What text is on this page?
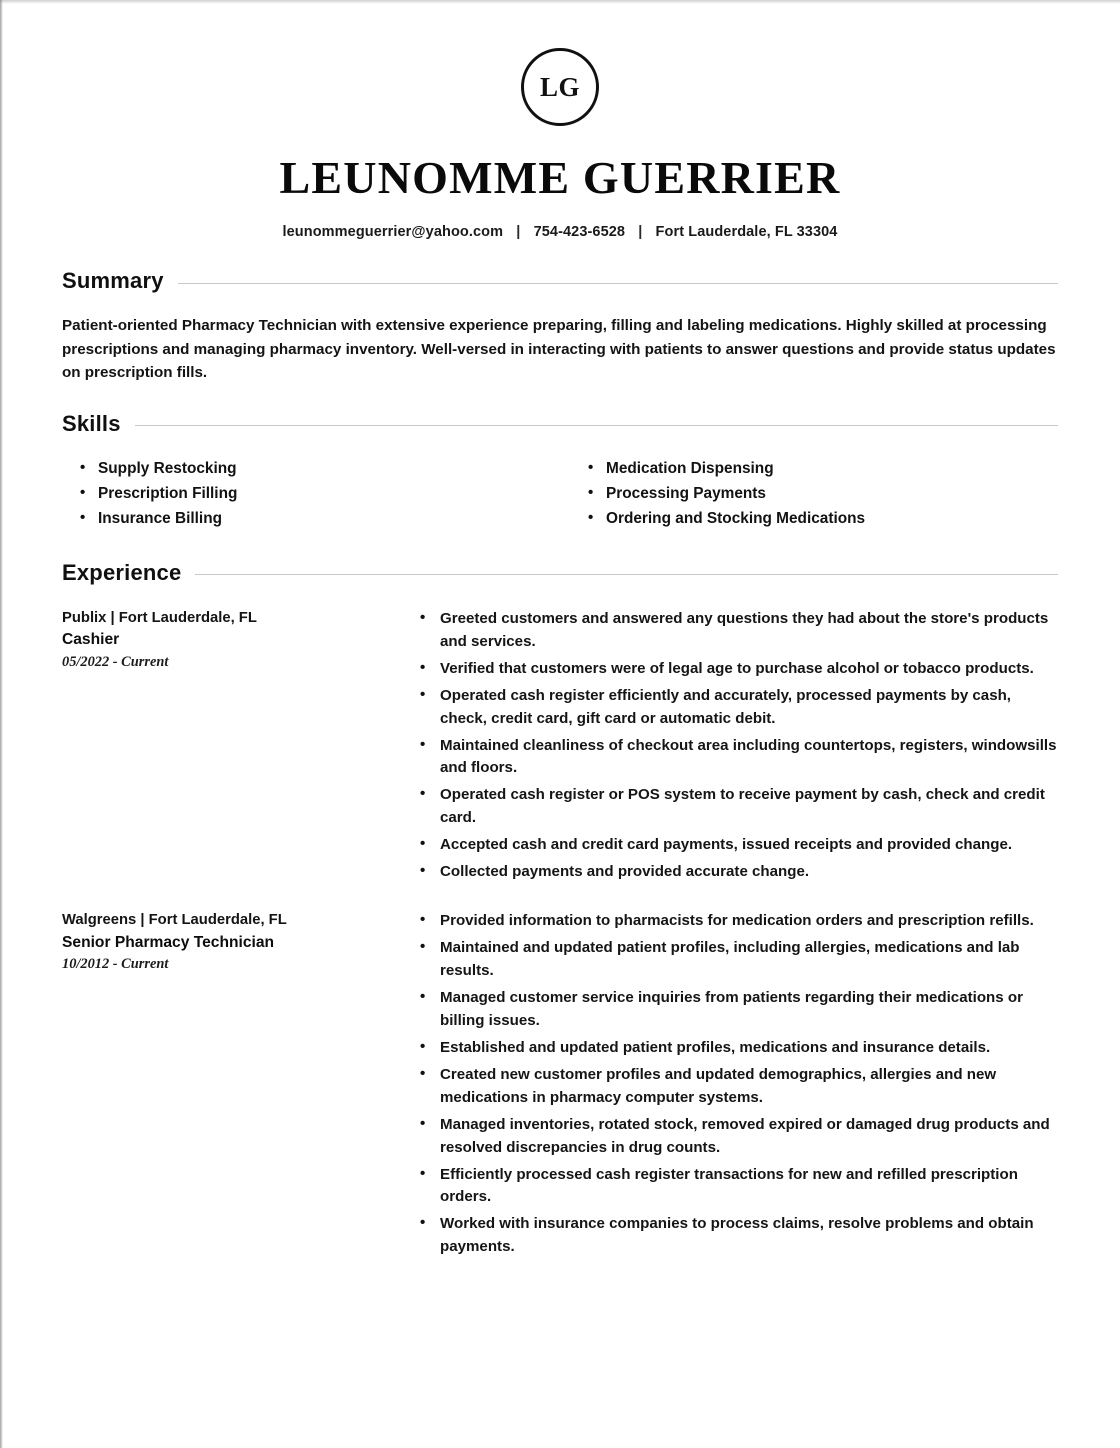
LG
LEUNOMME GUERRIER
leunommeguerrier@yahoo.com | 754-423-6528 | Fort Lauderdale, FL 33304
Summary
Patient-oriented Pharmacy Technician with extensive experience preparing, filling and labeling medications. Highly skilled at processing prescriptions and managing pharmacy inventory. Well-versed in interacting with patients to answer questions and provide status updates on prescription fills.
Skills
• Supply Restocking
• Prescription Filling
• Insurance Billing
• Medication Dispensing
• Processing Payments
• Ordering and Stocking Medications
Experience
Publix | Fort Lauderdale, FL
Cashier
05/2022 - Current
• Greeted customers and answered any questions they had about the store's products and services.
• Verified that customers were of legal age to purchase alcohol or tobacco products.
• Operated cash register efficiently and accurately, processed payments by cash, check, credit card, gift card or automatic debit.
• Maintained cleanliness of checkout area including countertops, registers, windowsills and floors.
• Operated cash register or POS system to receive payment by cash, check and credit card.
• Accepted cash and credit card payments, issued receipts and provided change.
• Collected payments and provided accurate change.
Walgreens | Fort Lauderdale, FL
Senior Pharmacy Technician
10/2012 - Current
• Provided information to pharmacists for medication orders and prescription refills.
• Maintained and updated patient profiles, including allergies, medications and lab results.
• Managed customer service inquiries from patients regarding their medications or billing issues.
• Established and updated patient profiles, medications and insurance details.
• Created new customer profiles and updated demographics, allergies and new medications in pharmacy computer systems.
• Managed inventories, rotated stock, removed expired or damaged drug products and resolved discrepancies in drug counts.
• Efficiently processed cash register transactions for new and refilled prescription orders.
• Worked with insurance companies to process claims, resolve problems and obtain payments.
